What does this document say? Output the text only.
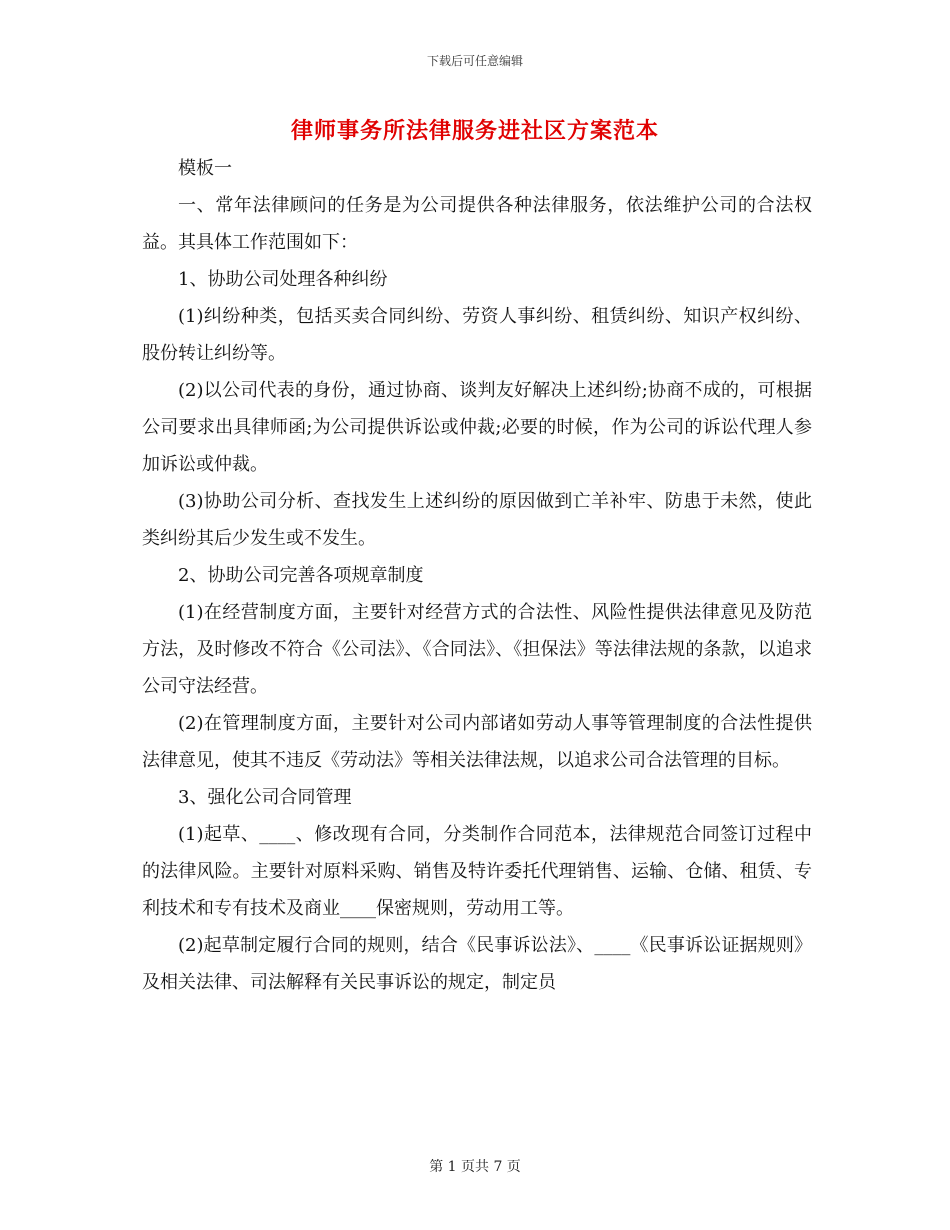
下载后可任意编辑
律师事务所法律服务进社区方案范本

模板一

一、常年法律顾问的任务是为公司提供各种法律服务，依法维护公司的合法权益。其具体工作范围如下：

1、协助公司处理各种纠纷

(1)纠纷种类，包括买卖合同纠纷、劳资人事纠纷、租赁纠纷、知识产权纠纷、股份转让纠纷等。

(2)以公司代表的身份，通过协商、谈判友好解决上述纠纷;协商不成的，可根据公司要求出具律师函;为公司提供诉讼或仲裁;必要的时候，作为公司的诉讼代理人参加诉讼或仲裁。

(3)协助公司分析、查找发生上述纠纷的原因做到亡羊补牢、防患于未然，使此类纠纷其后少发生或不发生。

2、协助公司完善各项规章制度

(1)在经营制度方面，主要针对经营方式的合法性、风险性提供法律意见及防范方法，及时修改不符合《公司法》、《合同法》、《担保法》等法律法规的条款，以追求公司守法经营。

(2)在管理制度方面，主要针对公司内部诸如劳动人事等管理制度的合法性提供法律意见，使其不违反《劳动法》等相关法律法规，以追求公司合法管理的目标。

3、强化公司合同管理

(1)起草、____、修改现有合同，分类制作合同范本，法律规范合同签订过程中的法律风险。主要针对原料采购、销售及特许委托代理销售、运输、仓储、租赁、专利技术和专有技术及商业____保密规则，劳动用工等。

(2)起草制定履行合同的规则，结合《民事诉讼法》、____《民事诉讼证据规则》及相关法律、司法解释有关民事诉讼的规定，制定员

第 1 页共 7 页
